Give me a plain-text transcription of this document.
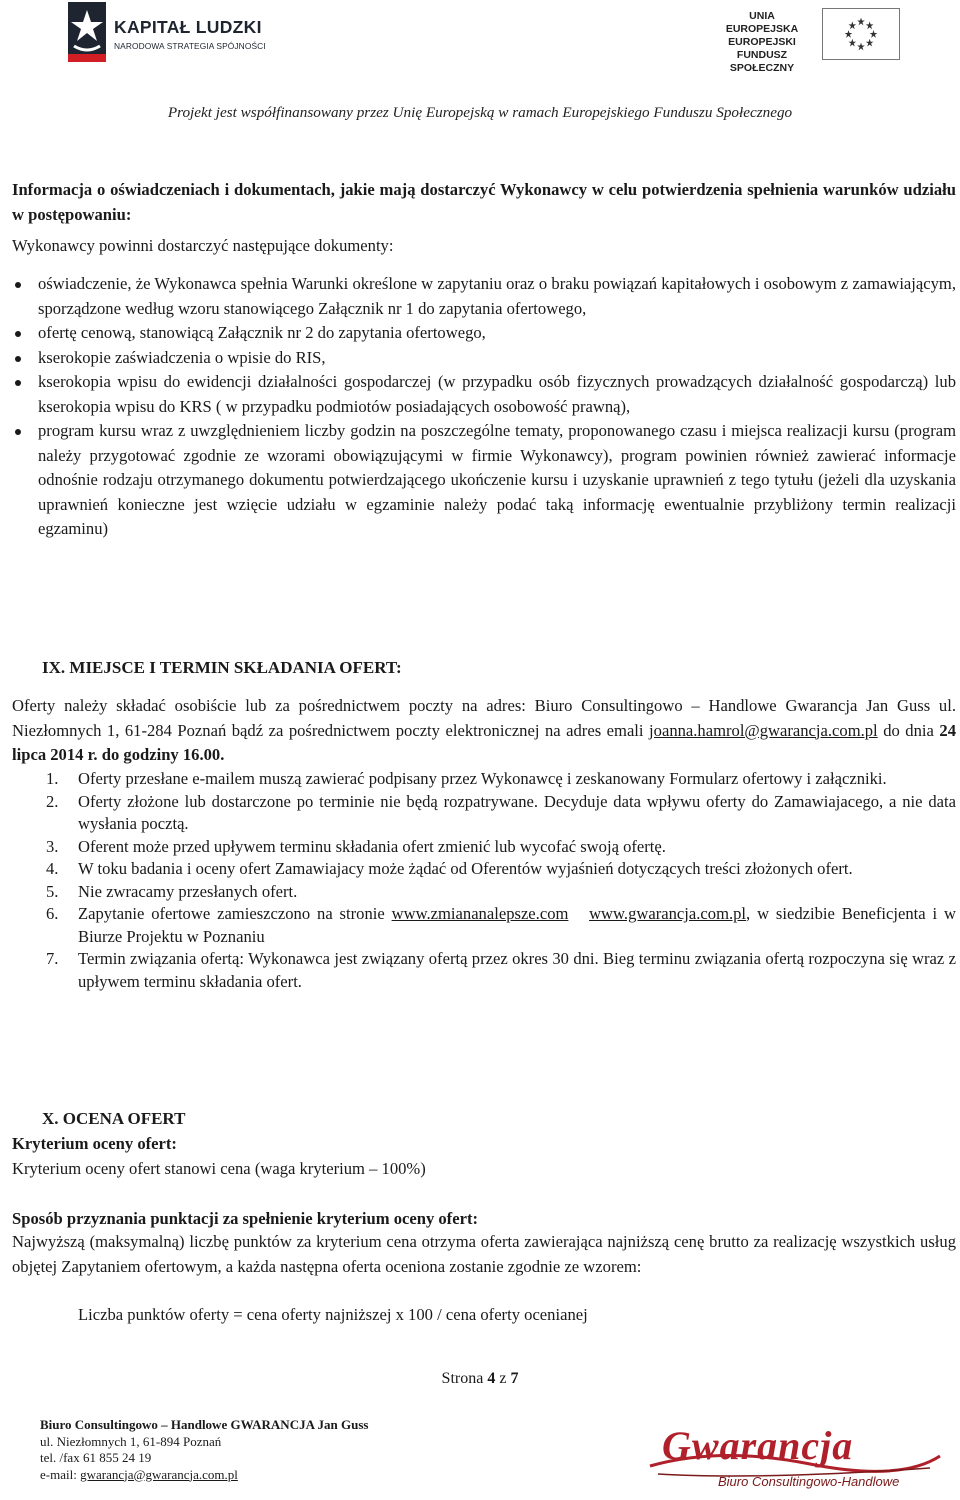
KAPITAŁ LUDZKI
NARODOWA STRATEGIA SPÓJNOŚCI
UNIA EUROPEJSKA
EUROPEJSKI
FUNDUSZ SPOŁECZNY
Projekt jest współfinansowany przez Unię Europejską w ramach Europejskiego Funduszu Społecznego
Informacja o oświadczeniach i dokumentach, jakie mają dostarczyć Wykonawcy w celu potwierdzenia spełnienia warunków udziału w postępowaniu:
Wykonawcy powinni dostarczyć następujące dokumenty:
oświadczenie, że Wykonawca spełnia Warunki określone w zapytaniu oraz o braku powiązań kapitałowych i osobowym z zamawiającym, sporządzone według wzoru stanowiącego Załącznik nr 1 do zapytania ofertowego,
ofertę cenową, stanowiącą Załącznik nr 2 do zapytania ofertowego,
kserokopie zaświadczenia o wpisie do RIS,
kserokopia wpisu do ewidencji działalności gospodarczej (w przypadku osób fizycznych prowadzących działalność gospodarczą) lub kserokopia wpisu do KRS ( w przypadku podmiotów posiadających osobowość prawną),
program kursu wraz z uwzględnieniem liczby godzin na poszczególne tematy, proponowanego czasu i miejsca realizacji kursu (program należy przygotować zgodnie ze wzorami obowiązującymi w firmie Wykonawcy), program powinien również zawierać informacje odnośnie rodzaju otrzymanego dokumentu potwierdzającego ukończenie kursu i uzyskanie uprawnień z tego tytułu (jeżeli dla uzyskania uprawnień konieczne jest wzięcie udziału w egzaminie należy podać taką informację ewentualnie przybliżony termin realizacji egzaminu)
IX. MIEJSCE I TERMIN SKŁADANIA OFERT:
Oferty należy składać osobiście lub za pośrednictwem poczty na adres: Biuro Consultingowo – Handlowe Gwarancja Jan Guss ul. Niezłomnych 1, 61-284 Poznań bądź za pośrednictwem poczty elektronicznej na adres emali joanna.hamrol@gwarancja.com.pl do dnia 24 lipca 2014 r. do godziny 16.00.
1. Oferty przesłane e-mailem muszą zawierać podpisany przez Wykonawcę i zeskanowany Formularz ofertowy i załączniki.
2. Oferty złożone lub dostarczone po terminie nie będą rozpatrywane. Decyduje data wpływu oferty do Zamawiajacego, a nie data wysłania pocztą.
3. Oferent może przed upływem terminu składania ofert zmienić lub wycofać swoją ofertę.
4. W toku badania i oceny ofert Zamawiajacy może żądać od Oferentów wyjaśnień dotyczących treści złożonych ofert.
5. Nie zwracamy przesłanych ofert.
6. Zapytanie ofertowe zamieszczono na stronie www.zmiananalepsze.com www.gwarancja.com.pl, w siedzibie Beneficjenta i w Biurze Projektu w Poznaniu
7. Termin związania ofertą: Wykonawca jest związany ofertą przez okres 30 dni. Bieg terminu związania ofertą rozpoczyna się wraz z upływem terminu składania ofert.
X. OCENA OFERT
Kryterium oceny ofert:
Kryterium oceny ofert stanowi cena (waga kryterium – 100%)
Sposób przyznania punktacji za spełnienie kryterium oceny ofert:
Najwyższą (maksymalną) liczbę punktów za kryterium cena otrzyma oferta zawierająca najniższą cenę brutto za realizację wszystkich usług objętej Zapytaniem ofertowym, a każda następna oferta oceniona zostanie zgodnie ze wzorem:
Liczba punktów oferty = cena oferty najniższej x 100 / cena oferty ocenianej
Strona 4 z 7
Biuro Consultingowo – Handlowe GWARANCJA Jan Guss
ul. Niezłomnych 1, 61-894 Poznań
tel. /fax 61 855 24 19
e-mail: gwarancja@gwarancja.com.pl
Gwarancja
Biuro Consultingowo-Handlowe
